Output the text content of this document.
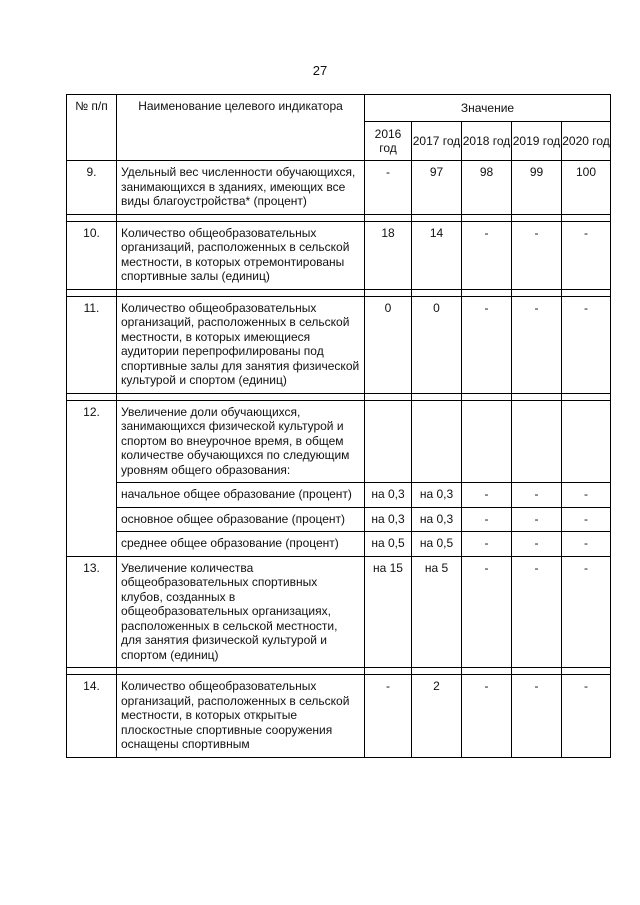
27
№ п/п	Наименование целевого индикатора	Значение				
		2016 год	2017 год	2018 год	2019 год	2020 год
9.	Удельный вес численности обучающихся, занимающихся в зданиях, имеющих все виды благоустройства* (процент)	-	97	98	99	100

10.	Количество общеобразовательных организаций, расположенных в сельской местности, в которых отремонтированы спортивные залы (единиц)	18	14	-	-	-

11.	Количество общеобразовательных организаций, расположенных в сельской местности, в которых имеющиеся аудитории перепрофилированы под спортивные залы для занятия физической культурой и спортом (единиц)	0	0	-	-	-

12.	Увеличение доли обучающихся, занимающихся физической культурой и спортом во внеурочное время, в общем количестве обучающихся по следующим уровням общего образования:					
	начальное общее образование (процент)	на 0,3	на 0,3	-	-	-
	основное общее образование (процент)	на 0,3	на 0,3	-	-	-
	среднее общее образование (процент)	на 0,5	на 0,5	-	-	-
13.	Увеличение количества общеобразовательных спортивных клубов, созданных в общеобразовательных организациях, расположенных в сельской местности, для занятия физической культурой и спортом (единиц)	на 15	на 5	-	-	-

14.	Количество общеобразовательных организаций, расположенных в сельской местности, в которых открытые плоскостные спортивные сооружения оснащены спортивным	-	2	-	-	-
